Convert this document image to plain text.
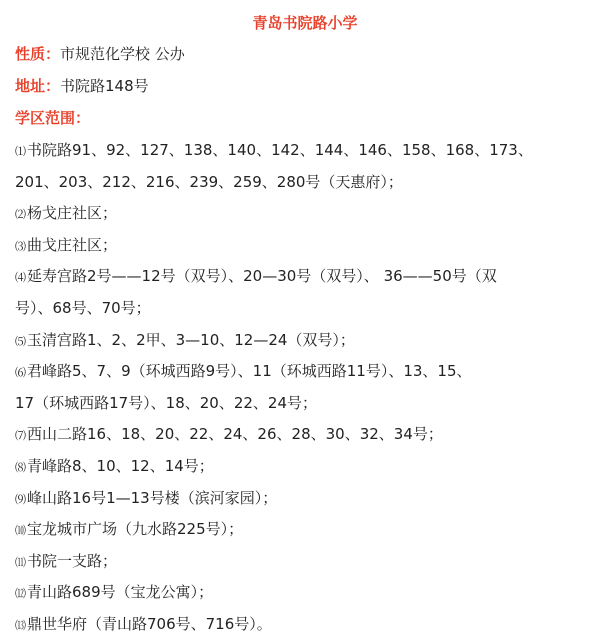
青岛书院路小学
性质：市规范化学校 公办
地址：书院路148号
学区范围：
⑴书院路91、92、127、138、140、142、144、146、158、168、173、
201、203、212、216、239、259、280号（天惠府）；
⑵杨戈庄社区；
⑶曲戈庄社区；
⑷延寿宫路2号——12号（双号）、20—30号（双号）、 36——50号（双
号）、68号、70号；
⑸玉清宫路1、2、2甲、3—10、12—24（双号）；
⑹君峰路5、7、9（环城西路9号）、11（环城西路11号）、13、15、
17（环城西路17号）、18、20、22、24号；
⑺西山二路16、18、20、22、24、26、28、30、32、34号；
⑻青峰路8、10、12、14号；
⑼峰山路16号1—13号楼（滨河家园）；
⑽宝龙城市广场（九水路225号）；
⑾书院一支路；
⑿青山路689号（宝龙公寓）；
⒀鼎世华府（青山路706号、716号）。
